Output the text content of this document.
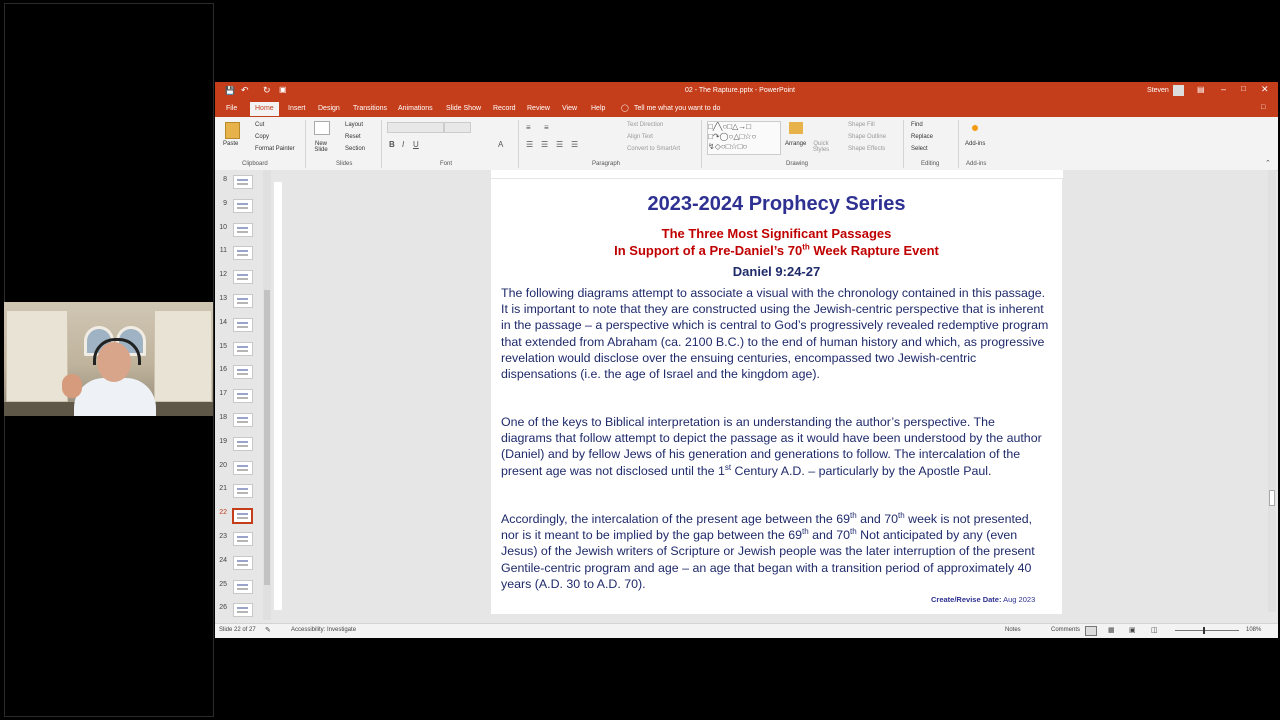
💾 ↶ ↻ ▣	02 - The Rapture.pptx - PowerPoint	Steven	▤ – □ ✕
File	Home	Insert Design Transitions Animations Slide Show Record Review View Help ◯ Tell me what you want to do	□
Paste
Cut
Copy
Format Painter
Clipboard
New Slide
Layout
Reset
Section
Slides
B I U	A
Font
≡ ≡
☰ ☰ ☰ ☰
Text Direction
Align Text
Convert to SmartArt
Paragraph
□╱╲○□△→□
□↷◯○△□☆○
↯◇○□☆□○	Arrange	Quick Styles
Shape Fill
Shape Outline
Shape Effects
Drawing
Find
Replace
Select
Editing
Add-ins
Add-ins	⌃
8
9
10
11
12
13
14
15
16
17
18
19
20
21
22
23
24
25
26
Slide 22 of 27 ✎	Accessibility: Investigate	Notes	Comments	▦ ▣ ◫	108%
2023-2024 Prophecy Series
The Three Most Significant Passages
In Support of a Pre-Daniel’s 70th Week Rapture Event
Daniel 9:24-27
The following diagrams attempt to associate a visual with the chronology contained in this passage. It is important to note that they are constructed using the Jewish-centric perspective that is inherent in the passage – a perspective which is central to God’s progressively revealed redemptive program that extended from Abraham (ca. 2100 B.C.) to the end of human history and which, as progressive revelation would disclose over the ensuing centuries, encompassed two Jewish-centric dispensations (i.e. the age of Israel and the kingdom age).
One of the keys to Biblical interpretation is an understanding the author’s perspective. The diagrams that follow attempt to depict the passage as it would have been understood by the author (Daniel) and by fellow Jews of his generation and generations to follow. The intercalation of the present age was not disclosed until the 1st Century A.D. – particularly by the Apostle Paul.
Accordingly, the intercalation of the present age between the 69th and 70th week is not presented, nor is it meant to be implied by the gap between the 69th and 70th Not anticipated by any (even Jesus) of the Jewish writers of Scripture or Jewish people was the later interruption of the present Gentile-centric program and age – an age that began with a transition period of approximately 40 years (A.D. 30 to A.D. 70).
Create/Revise Date: Aug 2023
